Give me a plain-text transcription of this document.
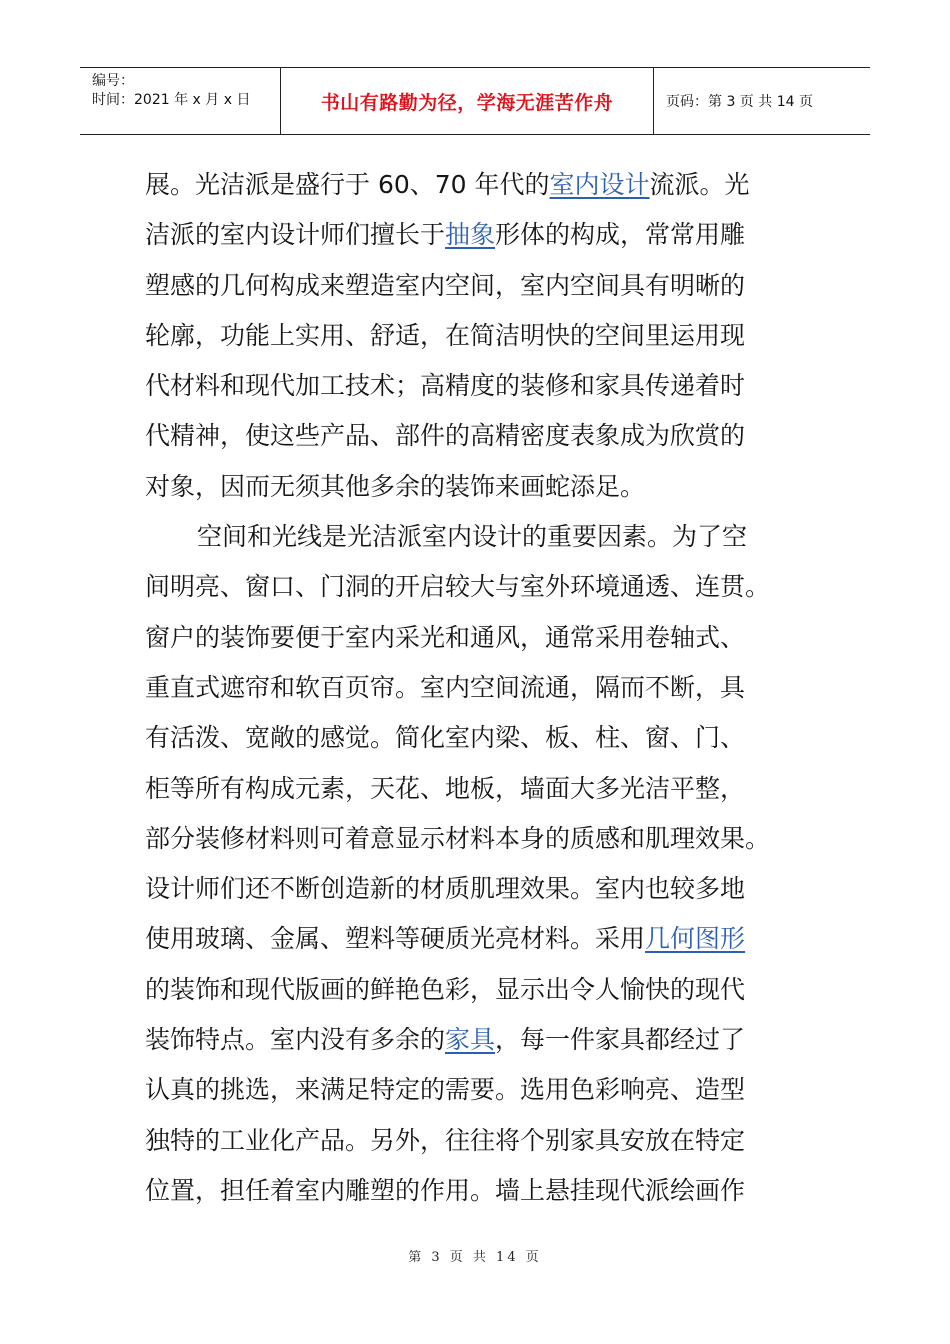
编号：
时间：2021 年 x 月 x 日	书山有路勤为径，学海无涯苦作舟	页码：第 3 页 共 14 页
展。光洁派是盛行于 60、70 年代的室内设计流派。光
洁派的室内设计师们擅长于抽象形体的构成，常常用雕
塑感的几何构成来塑造室内空间，室内空间具有明晰的
轮廓，功能上实用、舒适，在简洁明快的空间里运用现
代材料和现代加工技术；高精度的装修和家具传递着时
代精神，使这些产品、部件的高精密度表象成为欣赏的
对象，因而无须其他多余的装饰来画蛇添足。
空间和光线是光洁派室内设计的重要因素。为了空
间明亮、窗口、门洞的开启较大与室外环境通透、连贯。
窗户的装饰要便于室内采光和通风，通常采用卷轴式、
重直式遮帘和软百页帘。室内空间流通，隔而不断，具
有活泼、宽敞的感觉。简化室内梁、板、柱、窗、门、
柜等所有构成元素，天花、地板，墙面大多光洁平整，
部分装修材料则可着意显示材料本身的质感和肌理效果。
设计师们还不断创造新的材质肌理效果。室内也较多地
使用玻璃、金属、塑料等硬质光亮材料。采用几何图形
的装饰和现代版画的鲜艳色彩，显示出令人愉快的现代
装饰特点。室内没有多余的家具，每一件家具都经过了
认真的挑选，来满足特定的需要。选用色彩响亮、造型
独特的工业化产品。另外，往往将个别家具安放在特定
位置，担任着室内雕塑的作用。墙上悬挂现代派绘画作
第 3 页 共 14 页
